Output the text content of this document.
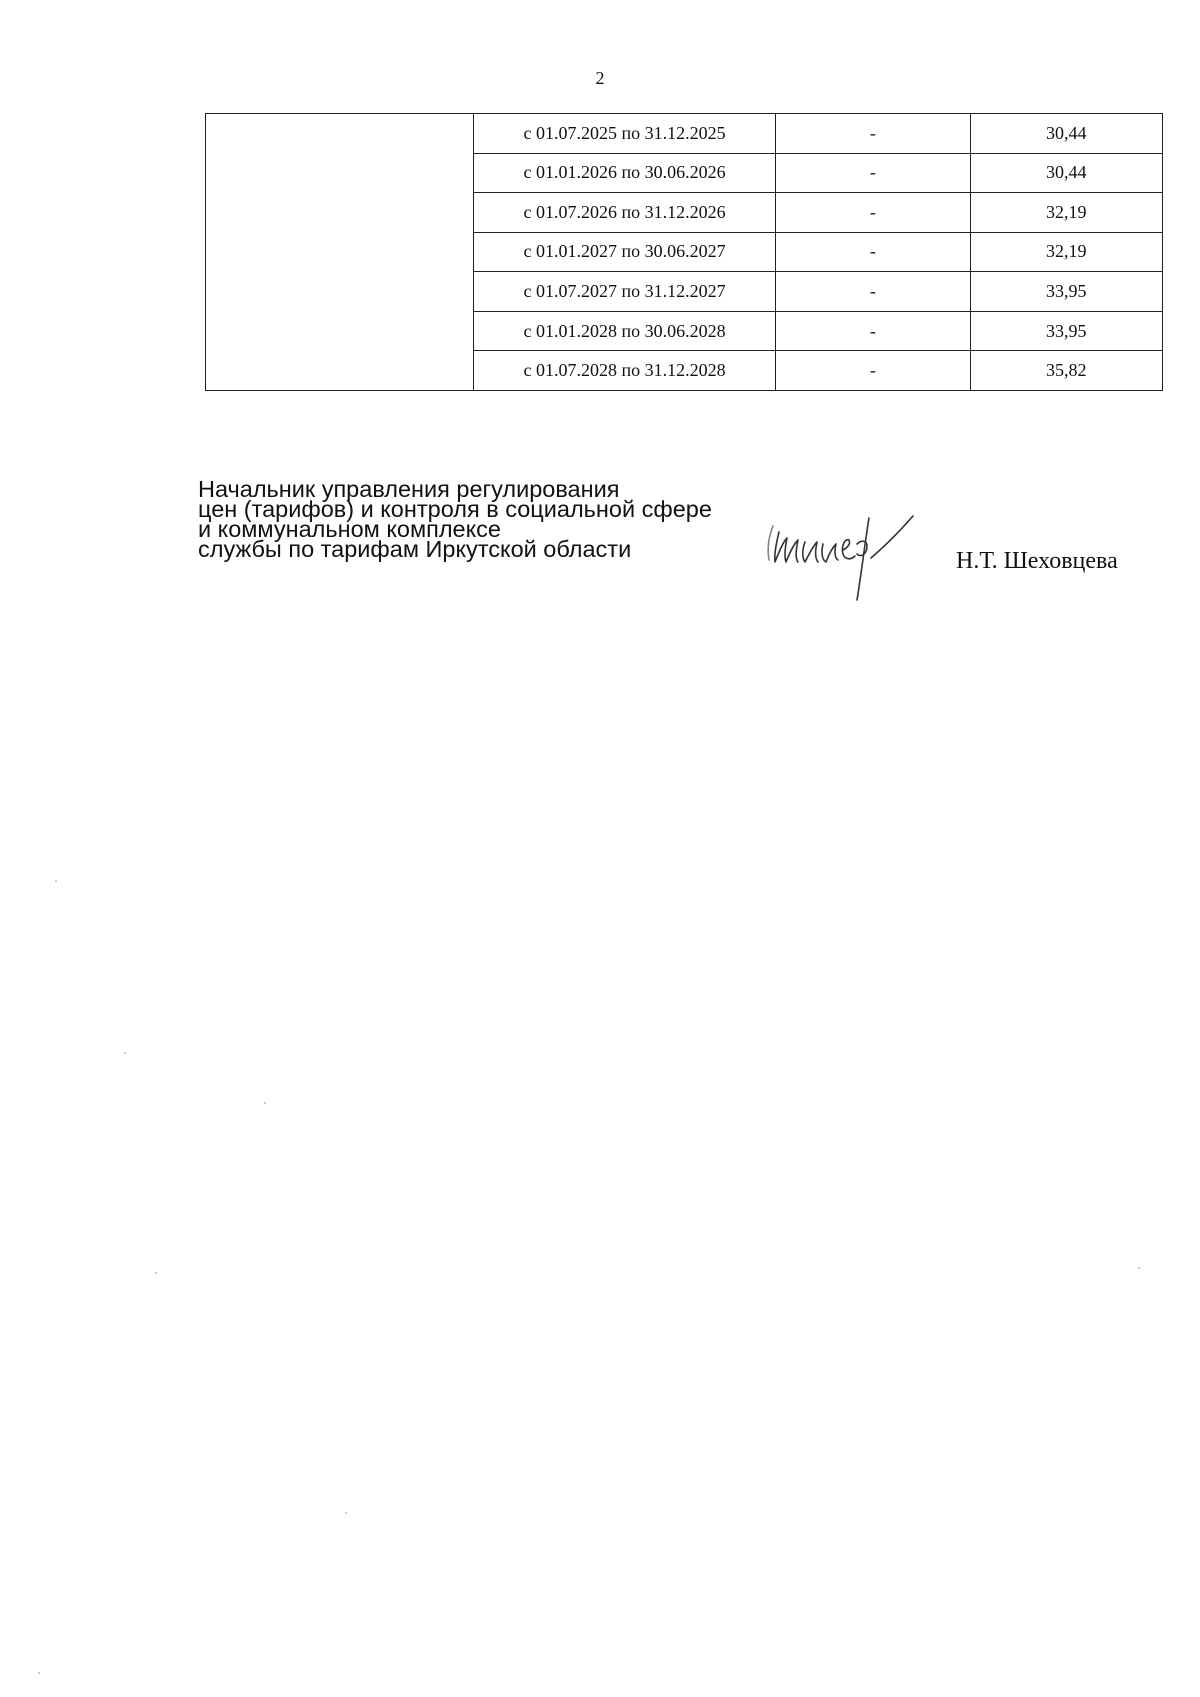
2
	с 01.07.2025 по 31.12.2025	-	30,44
	с 01.01.2026 по 30.06.2026	-	30,44
	с 01.07.2026 по 31.12.2026	-	32,19
	с 01.01.2027 по 30.06.2027	-	32,19
	с 01.07.2027 по 31.12.2027	-	33,95
	с 01.01.2028 по 30.06.2028	-	33,95
	с 01.07.2028 по 31.12.2028	-	35,82
Начальник управления регулирования
цен (тарифов) и контроля в социальной сфере
и коммунальном комплексе
службы по тарифам Иркутской области	Н.Т. Шеховцева
